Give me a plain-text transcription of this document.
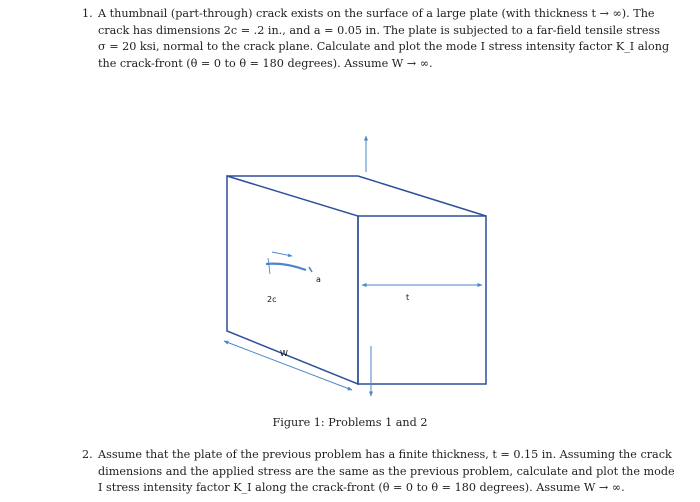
1. A thumbnail (part-through) crack exists on the surface of a large plate (with thickness t → ∞). The
crack has dimensions 2c = .2 in., and a = 0.05 in. The plate is subjected to a far-field tensile stress
σ = 20 ksi, normal to the crack plane. Calculate and plot the mode I stress intensity factor K_I along
the crack-front (θ = 0 to θ = 180 degrees). Assume W → ∞.
t
a
2c
W
Figure 1: Problems 1 and 2
2. Assume that the plate of the previous problem has a finite thickness, t = 0.15 in. Assuming the crack
dimensions and the applied stress are the same as the previous problem, calculate and plot the mode
I stress intensity factor K_I along the crack-front (θ = 0 to θ = 180 degrees). Assume W → ∞.
